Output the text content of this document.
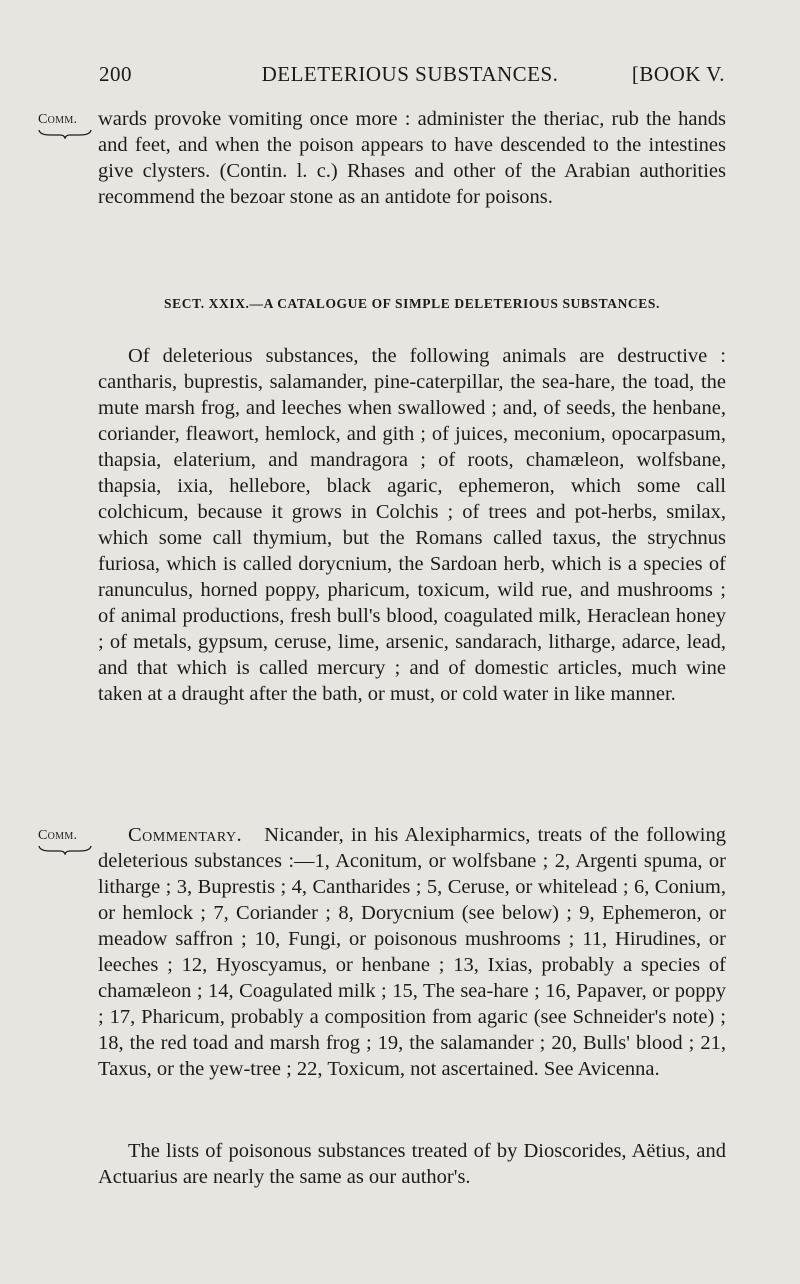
200	DELETERIOUS SUBSTANCES.	[BOOK V.
Comm.	wards provoke vomiting once more : administer the theriac, rub the hands and feet, and when the poison appears to have descended to the intestines give clysters. (Contin. l. c.) Rhases and other of the Arabian authorities recommend the bezoar stone as an antidote for poisons.
SECT. XXIX.—A CATALOGUE OF SIMPLE DELETERIOUS SUBSTANCES.
Of deleterious substances, the following animals are destructive : cantharis, buprestis, salamander, pine-caterpillar, the sea-hare, the toad, the mute marsh frog, and leeches when swallowed ; and, of seeds, the henbane, coriander, fleawort, hemlock, and gith ; of juices, meconium, opocarpasum, thapsia, elaterium, and mandragora ; of roots, chamæleon, wolfsbane, thapsia, ixia, hellebore, black agaric, ephemeron, which some call colchicum, because it grows in Colchis ; of trees and pot-herbs, smilax, which some call thymium, but the Romans called taxus, the strychnus furiosa, which is called dorycnium, the Sardoan herb, which is a species of ranunculus, horned poppy, pharicum, toxicum, wild rue, and mushrooms ; of animal productions, fresh bull's blood, coagulated milk, Heraclean honey ; of metals, gypsum, ceruse, lime, arsenic, sandarach, litharge, adarce, lead, and that which is called mercury ; and of domestic articles, much wine taken at a draught after the bath, or must, or cold water in like manner.
Comm.	Commentary. Nicander, in his Alexipharmics, treats of the following deleterious substances :—1, Aconitum, or wolfsbane ; 2, Argenti spuma, or litharge ; 3, Buprestis ; 4, Cantharides ; 5, Ceruse, or whitelead ; 6, Conium, or hemlock ; 7, Coriander ; 8, Dorycnium (see below) ; 9, Ephemeron, or meadow saffron ; 10, Fungi, or poisonous mushrooms ; 11, Hirudines, or leeches ; 12, Hyoscyamus, or henbane ; 13, Ixias, probably a species of chamæleon ; 14, Coagulated milk ; 15, The sea-hare ; 16, Papaver, or poppy ; 17, Pharicum, probably a composition from agaric (see Schneider's note) ; 18, the red toad and marsh frog ; 19, the salamander ; 20, Bulls' blood ; 21, Taxus, or the yew-tree ; 22, Toxicum, not ascertained. See Avicenna.
The lists of poisonous substances treated of by Dioscorides, Aëtius, and Actuarius are nearly the same as our author's.
